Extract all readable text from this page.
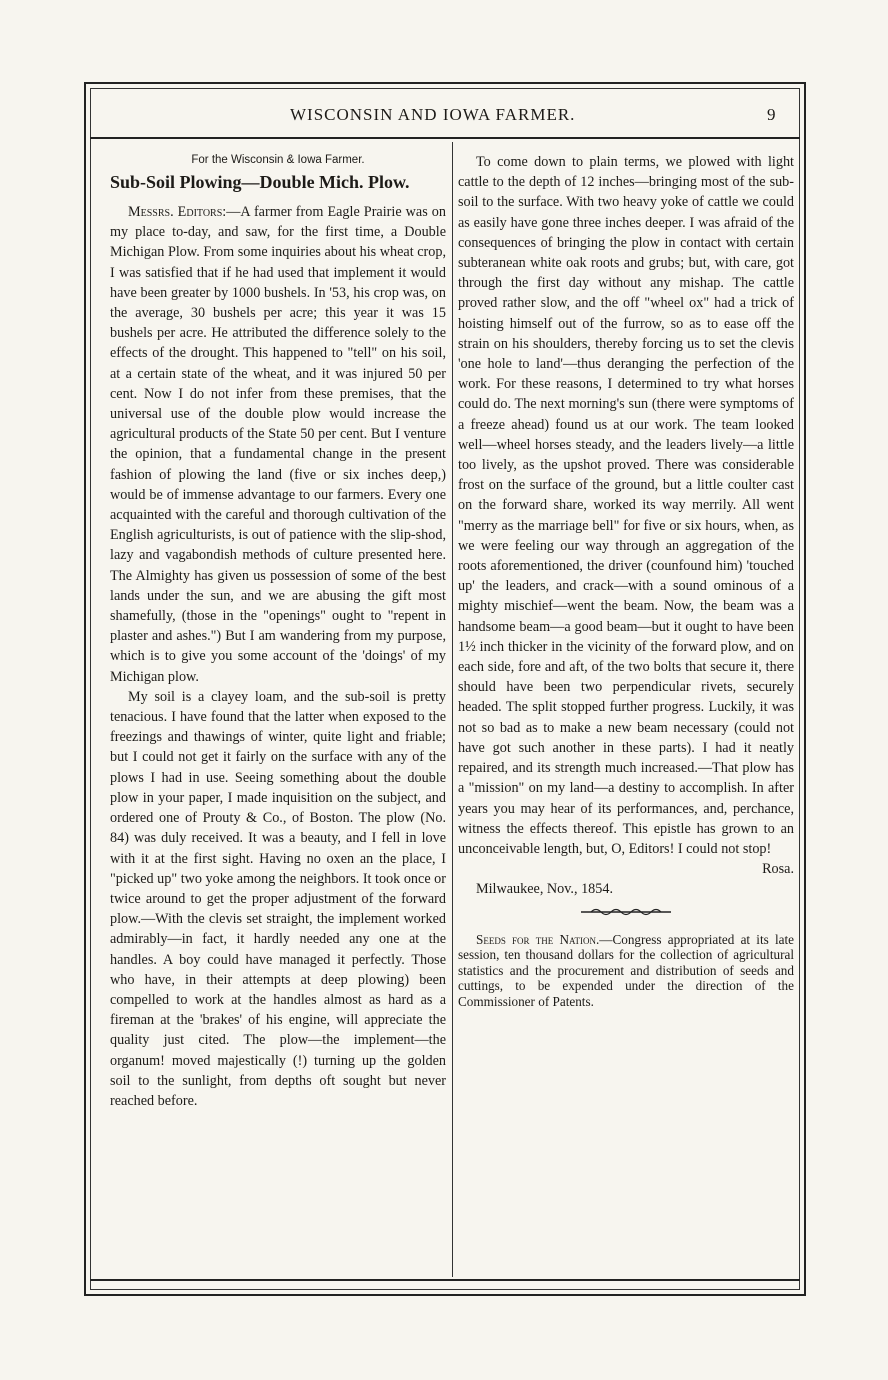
WISCONSIN AND IOWA FARMER.	9
For the Wisconsin & Iowa Farmer.
Sub-Soil Plowing—Double Mich. Plow.

Messrs. Editors:—A farmer from Eagle Prairie was on my place to-day, and saw, for the first time, a Double Michigan Plow. From some inquiries about his wheat crop, I was satisfied that if he had used that implement it would have been greater by 1000 bushels. In '53, his crop was, on the average, 30 bushels per acre; this year it was 15 bushels per acre. He attributed the difference solely to the effects of the drought. This happened to "tell" on his soil, at a certain state of the wheat, and it was injured 50 per cent. Now I do not infer from these premises, that the universal use of the double plow would increase the agricultural products of the State 50 per cent. But I venture the opinion, that a fundamental change in the present fashion of plowing the land (five or six inches deep,) would be of immense advantage to our farmers. Every one acquainted with the careful and thorough cultivation of the English agriculturists, is out of patience with the slip-shod, lazy and vagabondish methods of culture presented here. The Almighty has given us possession of some of the best lands under the sun, and we are abusing the gift most shamefully, (those in the "openings" ought to "repent in plaster and ashes.") But I am wandering from my purpose, which is to give you some account of the 'doings' of my Michigan plow.

My soil is a clayey loam, and the sub-soil is pretty tenacious. I have found that the latter when exposed to the freezings and thawings of winter, quite light and friable; but I could not get it fairly on the surface with any of the plows I had in use. Seeing something about the double plow in your paper, I made inquisition on the subject, and ordered one of Prouty & Co., of Boston. The plow (No. 84) was duly received. It was a beauty, and I fell in love with it at the first sight. Having no oxen an the place, I "picked up" two yoke among the neighbors. It took once or twice around to get the proper adjustment of the forward plow.—With the clevis set straight, the implement worked admirably—in fact, it hardly needed any one at the handles. A boy could have managed it perfectly. Those who have, in their attempts at deep plowing) been compelled to work at the handles almost as hard as a fireman at the 'brakes' of his engine, will appreciate the quality just cited. The plow—the implement—the organum! moved majestically (!) turning up the golden soil to the sunlight, from depths oft sought but never reached before.

To come down to plain terms, we plowed with light cattle to the depth of 12 inches—bringing most of the sub-soil to the surface. With two heavy yoke of cattle we could as easily have gone three inches deeper. I was afraid of the consequences of bringing the plow in contact with certain subteranean white oak roots and grubs; but, with care, got through the first day without any mishap. The cattle proved rather slow, and the off "wheel ox" had a trick of hoisting himself out of the furrow, so as to ease off the strain on his shoulders, thereby forcing us to set the clevis 'one hole to land'—thus deranging the perfection of the work. For these reasons, I determined to try what horses could do. The next morning's sun (there were symptoms of a freeze ahead) found us at our work. The team looked well—wheel horses steady, and the leaders lively—a little too lively, as the upshot proved. There was considerable frost on the surface of the ground, but a little coulter cast on the forward share, worked its way merrily. All went "merry as the marriage bell" for five or six hours, when, as we were feeling our way through an aggregation of the roots aforementioned, the driver (counfound him) 'touched up' the leaders, and crack—with a sound ominous of a mighty mischief—went the beam. Now, the beam was a handsome beam—a good beam—but it ought to have been 1½ inch thicker in the vicinity of the forward plow, and on each side, fore and aft, of the two bolts that secure it, there should have been two perpendicular rivets, securely headed. The split stopped further progress. Luckily, it was not so bad as to make a new beam necessary (could not have got such another in these parts). I had it neatly repaired, and its strength much increased.—That plow has a "mission" on my land—a destiny to accomplish. In after years you may hear of its performances, and, perchance, witness the effects thereof. This epistle has grown to an unconceivable length, but, O, Editors! I could not stop!

Rosa.
Milwaukee, Nov., 1854.

Seeds for the Nation.—Congress appropriated at its late session, ten thousand dollars for the collection of agricultural statistics and the procurement and distribution of seeds and cuttings, to be expended under the direction of the Commissioner of Patents.
